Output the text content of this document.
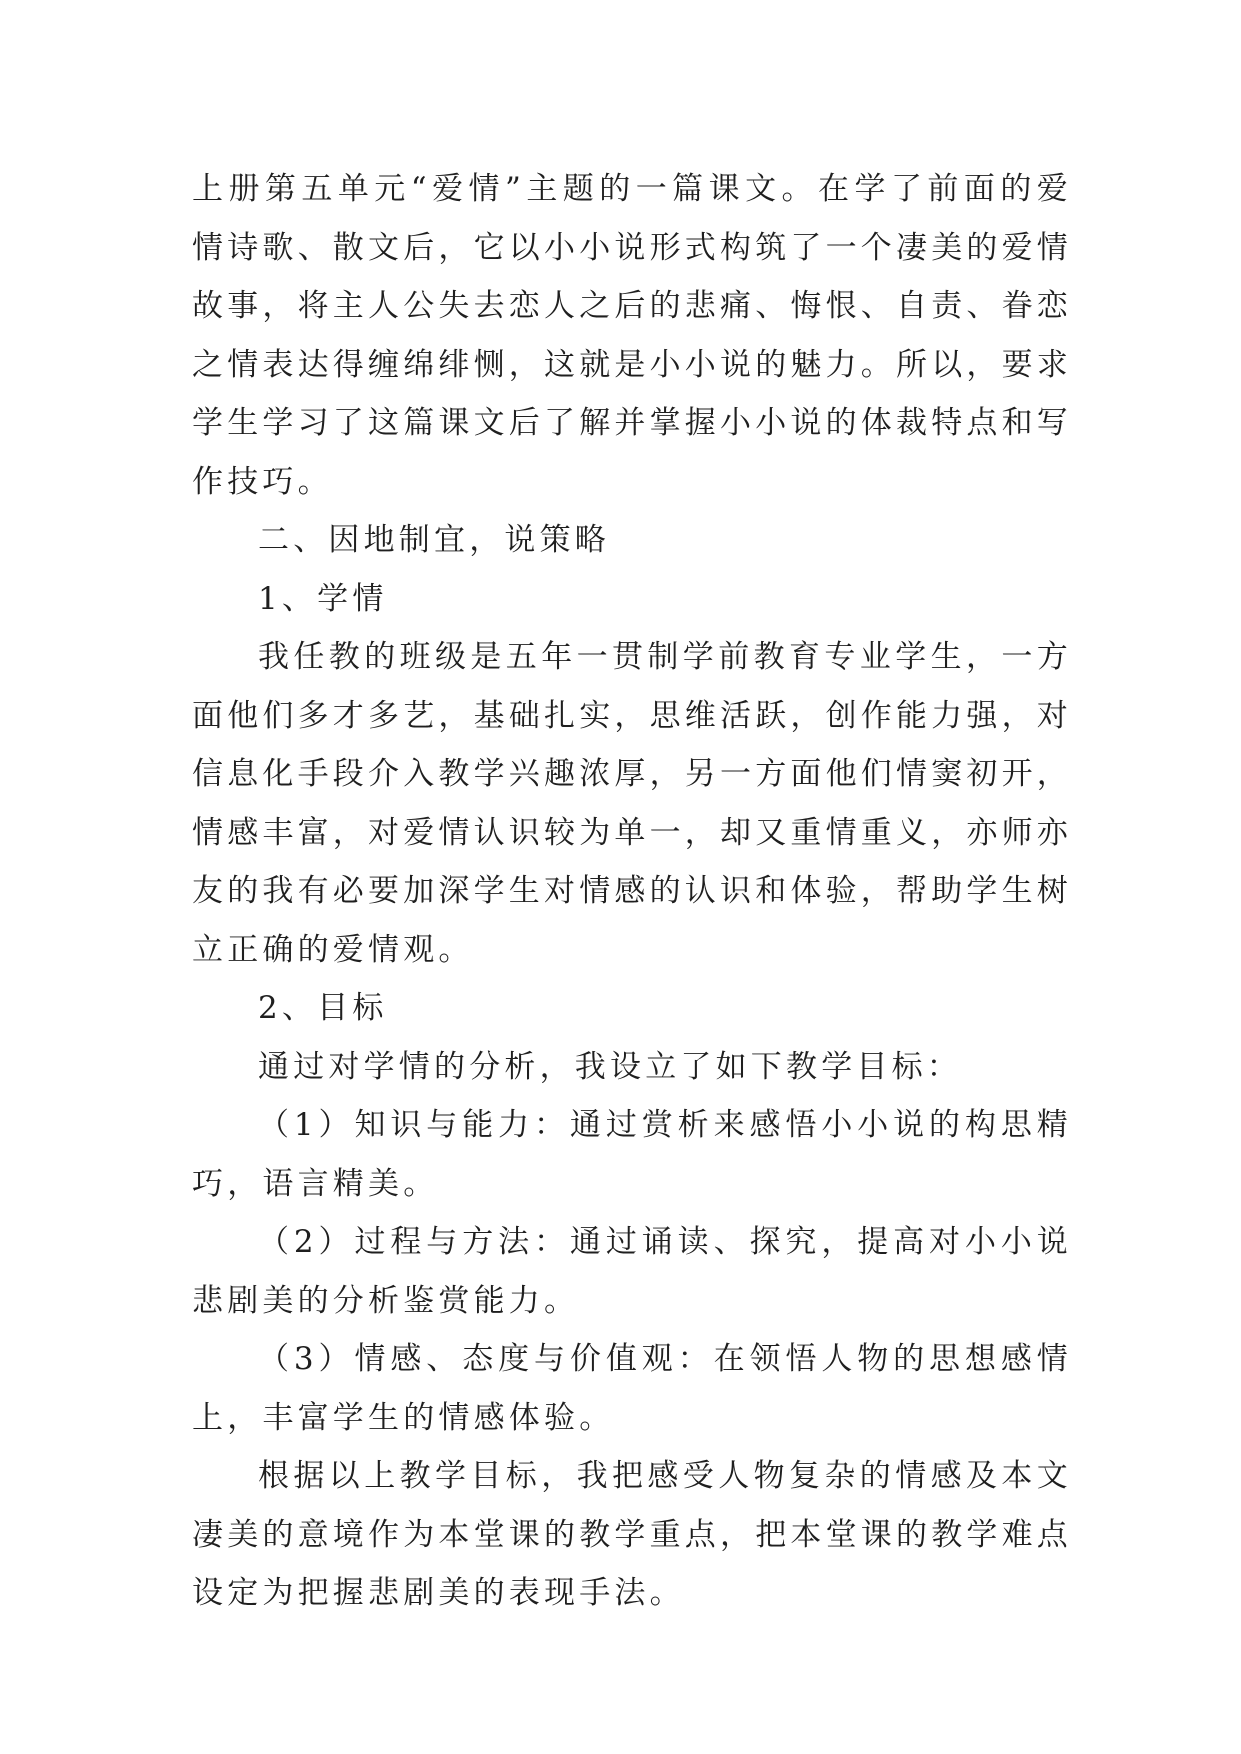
上册第五单元“爱情”主题的一篇课文。在学了前面的爱情诗歌、散文后，它以小小说形式构筑了一个凄美的爱情故事，将主人公失去恋人之后的悲痛、悔恨、自责、眷恋之情表达得缠绵绯恻，这就是小小说的魅力。所以，要求学生学习了这篇课文后了解并掌握小小说的体裁特点和写作技巧。

二、因地制宜，说策略

1、学情

我任教的班级是五年一贯制学前教育专业学生，一方面他们多才多艺，基础扎实，思维活跃，创作能力强，对信息化手段介入教学兴趣浓厚，另一方面他们情窦初开，情感丰富，对爱情认识较为单一，却又重情重义，亦师亦友的我有必要加深学生对情感的认识和体验，帮助学生树立正确的爱情观。

2、目标

通过对学情的分析，我设立了如下教学目标：

（1）知识与能力：通过赏析来感悟小小说的构思精巧，语言精美。

（2）过程与方法：通过诵读、探究，提高对小小说悲剧美的分析鉴赏能力。

（3）情感、态度与价值观：在领悟人物的思想感情上，丰富学生的情感体验。

根据以上教学目标，我把感受人物复杂的情感及本文凄美的意境作为本堂课的教学重点，把本堂课的教学难点设定为把握悲剧美的表现手法。
